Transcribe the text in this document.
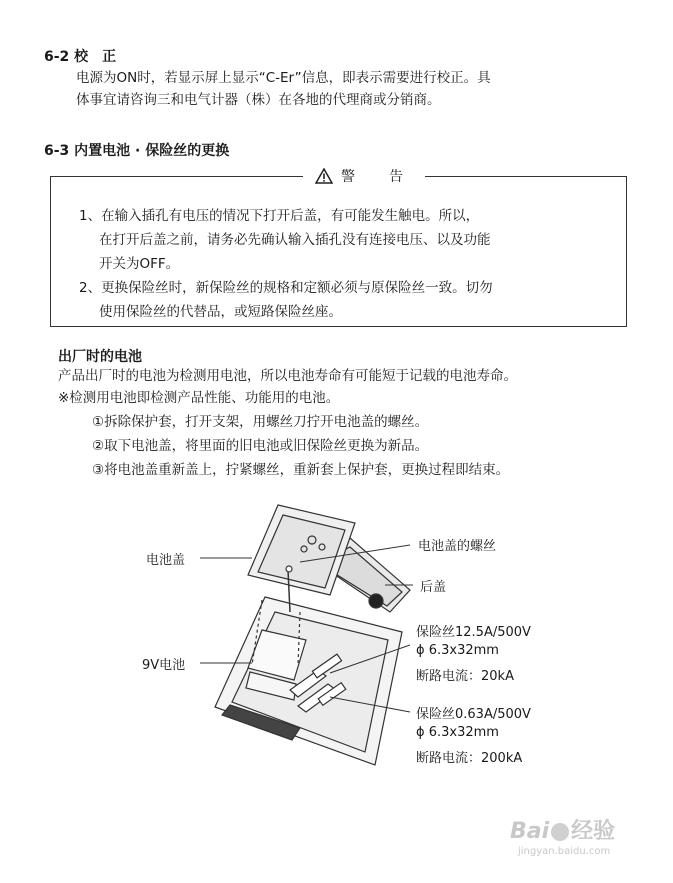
6-2 校　正
电源为ON时，若显示屏上显示“C-Er”信息，即表示需要进行校正。具
体事宜请咨询三和电气计器（株）在各地的代理商或分销商。
6-3 内置电池 · 保险丝的更换
警　告
1、在输入插孔有电压的情况下打开后盖，有可能发生触电。所以，
在打开后盖之前，请务必先确认输入插孔没有连接电压、以及功能
开关为OFF。
2、更换保险丝时，新保险丝的规格和定额必须与原保险丝一致。切勿
使用保险丝的代替品，或短路保险丝座。
出厂时的电池
产品出厂时的电池为检测用电池，所以电池寿命有可能短于记载的电池寿命。
※检测用电池即检测产品性能、功能用的电池。
①拆除保护套，打开支架，用螺丝刀拧开电池盖的螺丝。
②取下电池盖，将里面的旧电池或旧保险丝更换为新品。
③将电池盖重新盖上，拧紧螺丝，重新套上保护套，更换过程即结束。
电池盖
电池盖的螺丝
后盖
9V电池
保险丝12.5A/500V
ϕ 6.3x32mm
断路电流：20kA
保险丝0.63A/500V
ϕ 6.3x32mm
断路电流：200kA
Bai 经验
jingyan.baidu.com
